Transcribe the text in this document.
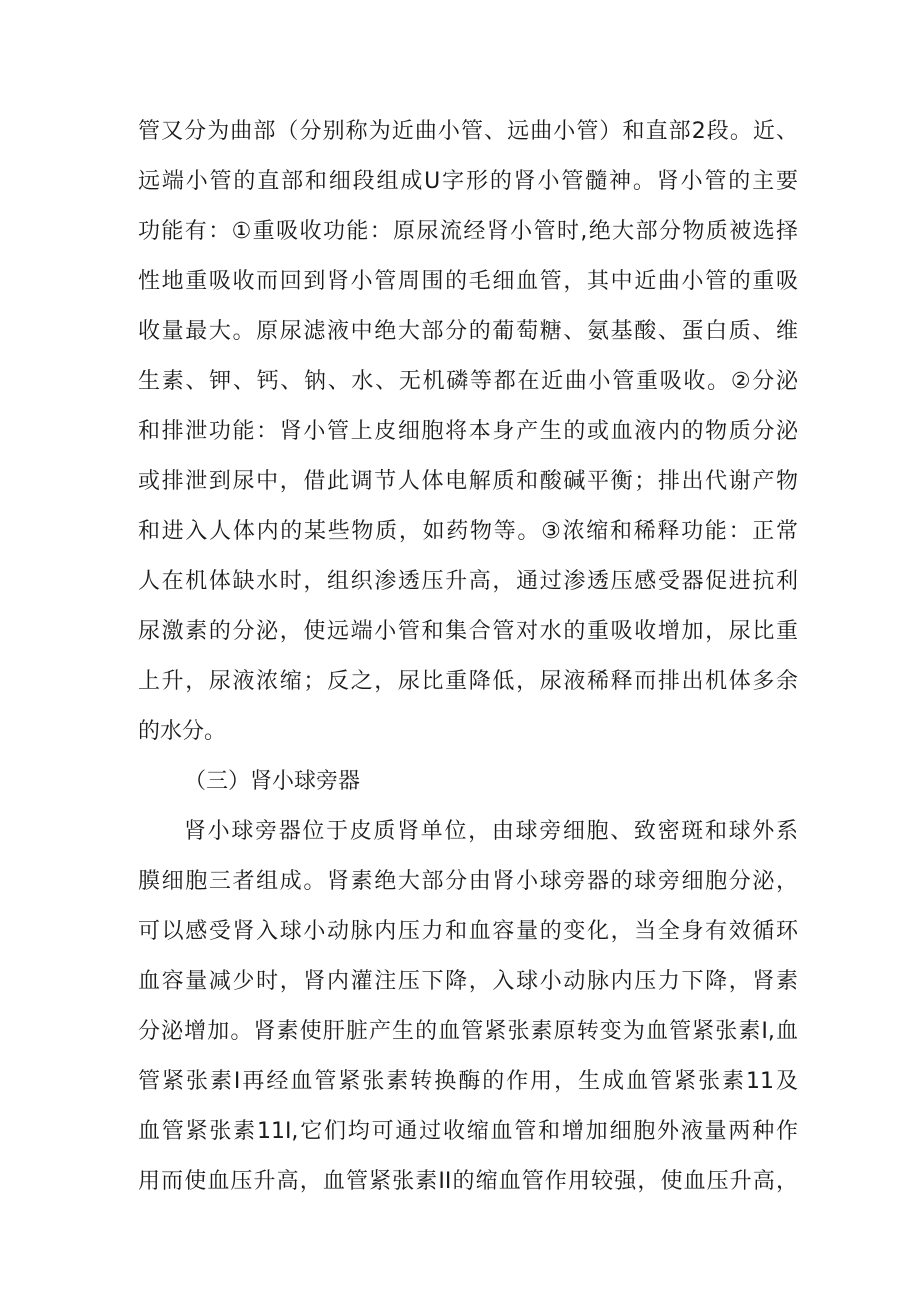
管又分为曲部（分别称为近曲小管、远曲小管）和直部2段。近、
远端小管的直部和细段组成U字形的肾小管髓神。肾小管的主要
功能有：①重吸收功能：原尿流经肾小管时,绝大部分物质被选择
性地重吸收而回到肾小管周围的毛细血管，其中近曲小管的重吸
收量最大。原尿滤液中绝大部分的葡萄糖、氨基酸、蛋白质、维
生素、钾、钙、钠、水、无机磷等都在近曲小管重吸收。②分泌
和排泄功能：肾小管上皮细胞将本身产生的或血液内的物质分泌
或排泄到尿中，借此调节人体电解质和酸碱平衡；排出代谢产物
和进入人体内的某些物质，如药物等。③浓缩和稀释功能：正常
人在机体缺水时，组织渗透压升高，通过渗透压感受器促进抗利
尿激素的分泌，使远端小管和集合管对水的重吸收增加，尿比重
上升，尿液浓缩；反之，尿比重降低，尿液稀释而排出机体多余
的水分。
（三）肾小球旁器
肾小球旁器位于皮质肾单位，由球旁细胞、致密斑和球外系
膜细胞三者组成。肾素绝大部分由肾小球旁器的球旁细胞分泌，
可以感受肾入球小动脉内压力和血容量的变化，当全身有效循环
血容量减少时，肾内灌注压下降，入球小动脉内压力下降，肾素
分泌增加。肾素使肝脏产生的血管紧张素原转变为血管紧张素I,血
管紧张素I再经血管紧张素转换酶的作用，生成血管紧张素11及
血管紧张素11I,它们均可通过收缩血管和增加细胞外液量两种作
用而使血压升高，血管紧张素II的缩血管作用较强，使血压升高，
